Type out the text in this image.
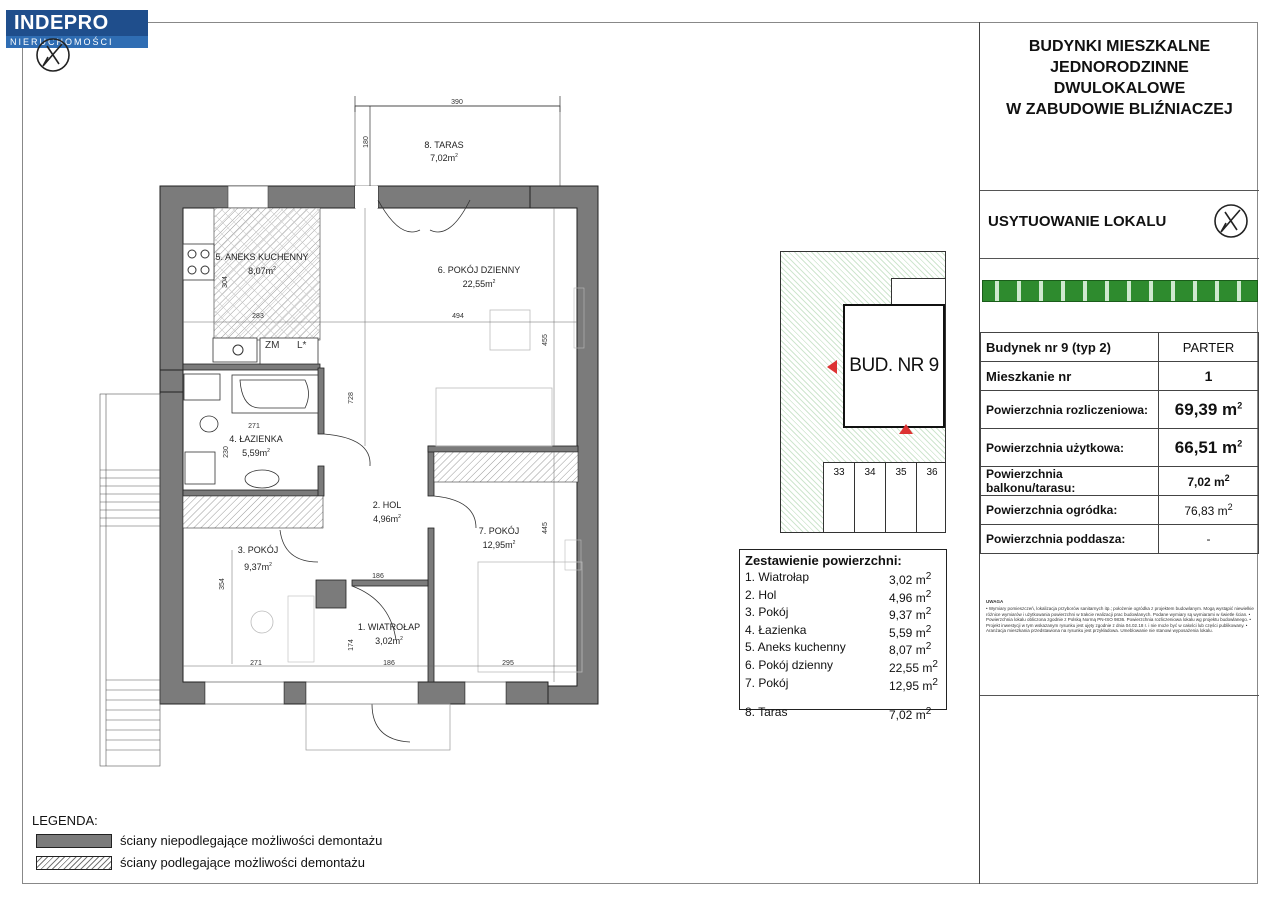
INDEPRO
NIERUCHOMOŚCI
ZM L*
390
180
304
283	494
455
728
271
230
445
354
186
174
271	186	295
8. TARAS
$7,02m^2$
5. ANEKS KUCHENNY
$8,07m^2$	6. POKÓJ DZIENNY
$22,55m^2$
4. ŁAZIENKA
$5,59m^2$
2. HOL
$4,96m^2$
7. POKÓJ
$12,95m^2$
3. POKÓJ
$9,37m^2$
1. WIATROŁAP
$3,02m^2$
LEGENDA:
ściany niepodlegające możliwości demontażu
ściany podlegające możliwości demontażu
BUD. NR 9
33	34	35	36
Zestawienie powierzchni:
1. Wiatrołap	3,02 $m^2$
2. Hol	4,96 $m^2$
3. Pokój	9,37 $m^2$
4. Łazienka	5,59 $m^2$
5. Aneks kuchenny	8,07 $m^2$
6. Pokój dzienny	22,55 $m^2$
7. Pokój	12,95 $m^2$
8. Taras	7,02 $m^2$
BUDYNKI MIESZKALNE
JEDNORODZINNE
DWULOKALOWE
W ZABUDOWIE BLIŹNIACZEJ
USYTUOWANIE LOKALU
Budynek nr 9 (typ 2)	PARTER
Mieszkanie nr	1
Powierzchnia rozliczeniowa:	69,39 $m^2$
Powierzchnia użytkowa:	66,51 $m^2$
Powierzchnia balkonu/tarasu:	7,02 $m^2$
Powierzchnia ogródka:	76,83 $m^2$
Powierzchnia poddasza:	-
UWAGA
• Wymiary pomieszczeń, lokalizacja przyborów sanitarnych itp.; położenie ogródka z projektem budowlanym. Mogą wystąpić niewielkie różnice wymiarów i użytkowania powierzchni w trakcie realizacji prac budowlanych. Podane wymiary są wymiarami w świetle ścian. • Powierzchnia lokalu obliczona zgodnie z Polską Normą PN-ISO 9836. Powierzchnia rozliczeniowa lokalu wg projektu budowlanego. • Projekt inwestycji w tym wskazanym rysunku jest ujęty zgodnie z dnia 04.02.18 r. i nie może być w całości lub części publikowany. • Aranżacja mieszkania przedstawiona na rysunku jest przykładowa. Umeblowanie nie stanowi wyposażenia lokalu.
